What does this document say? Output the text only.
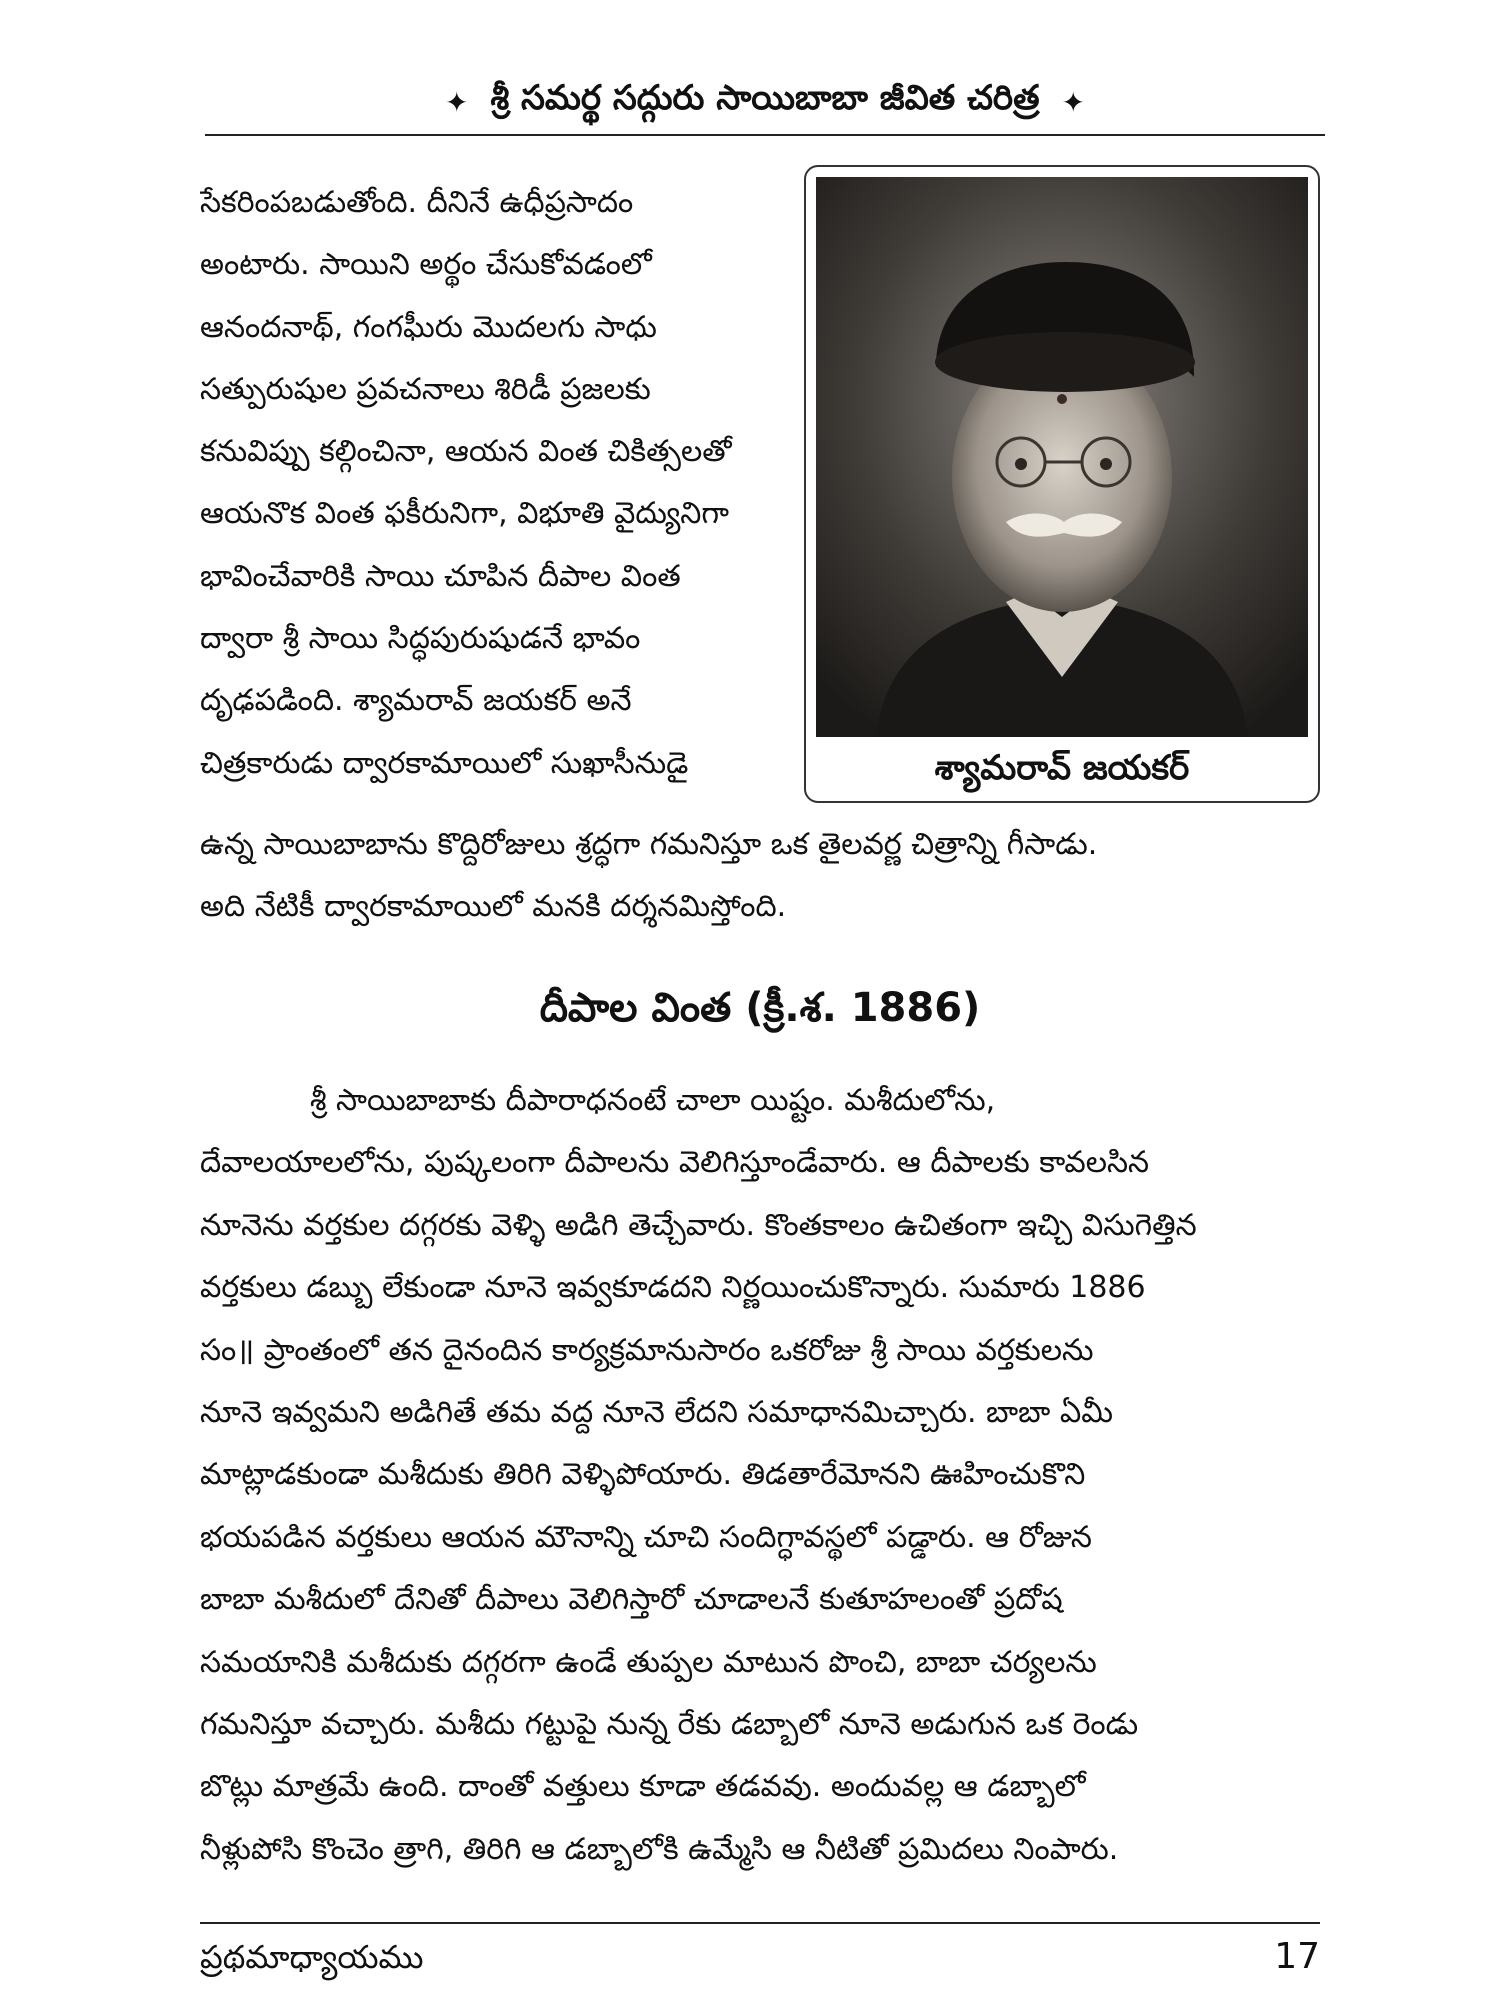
✦ శ్రీ సమర్థ సద్గురు సాయిబాబా జీవిత చరిత్ర ✦
సేకరింపబడుతోంది. దీనినే ఉధీప్రసాదం
అంటారు. సాయిని అర్థం చేసుకోవడంలో
ఆనందనాథ్, గంగఘీరు మొదలగు సాధు
సత్పురుషుల ప్రవచనాలు శిరిడీ ప్రజలకు
కనువిప్పు కల్గించినా, ఆయన వింత చికిత్సలతో
ఆయనొక వింత ఫకీరునిగా, విభూతి వైద్యునిగా
భావించేవారికి సాయి చూపిన దీపాల వింత
ద్వారా శ్రీ సాయి సిద్ధపురుషుడనే భావం
దృఢపడింది. శ్యామరావ్ జయకర్ అనే
చిత్రకారుడు ద్వారకామాయిలో సుఖాసీనుడై	శ్యామరావ్ జయకర్
ఉన్న సాయిబాబాను కొద్దిరోజులు శ్రద్ధగా గమనిస్తూ ఒక తైలవర్ణ చిత్రాన్ని గీసాడు.
అది నేటికీ ద్వారకామాయిలో మనకి దర్శనమిస్తోంది.
దీపాల వింత (క్రీ.శ. 1886)
శ్రీ సాయిబాబాకు దీపారాధనంటే చాలా యిష్టం. మశీదులోను,
దేవాలయాలలోను, పుష్కలంగా దీపాలను వెలిగిస్తూండేవారు. ఆ దీపాలకు కావలసిన
నూనెను వర్తకుల దగ్గరకు వెళ్ళి అడిగి తెచ్చేవారు. కొంతకాలం ఉచితంగా ఇచ్చి విసుగెత్తిన
వర్తకులు డబ్బు లేకుండా నూనె ఇవ్వకూడదని నిర్ణయించుకొన్నారు. సుమారు 1886
సం॥ ప్రాంతంలో తన దైనందిన కార్యక్రమానుసారం ఒకరోజు శ్రీ సాయి వర్తకులను
నూనె ఇవ్వమని అడిగితే తమ వద్ద నూనె లేదని సమాధానమిచ్చారు. బాబా ఏమీ
మాట్లాడకుండా మశీదుకు తిరిగి వెళ్ళిపోయారు. తిడతారేమోనని ఊహించుకొని
భయపడిన వర్తకులు ఆయన మౌనాన్ని చూచి సందిగ్ధావస్థలో పడ్డారు. ఆ రోజున
బాబా మశీదులో దేనితో దీపాలు వెలిగిస్తారో చూడాలనే కుతూహలంతో ప్రదోష
సమయానికి మశీదుకు దగ్గరగా ఉండే తుప్పల మాటున పొంచి, బాబా చర్యలను
గమనిస్తూ వచ్చారు. మశీదు గట్టుపై నున్న రేకు డబ్బాలో నూనె అడుగున ఒక రెండు
బొట్లు మాత్రమే ఉంది. దాంతో వత్తులు కూడా తడవవు. అందువల్ల ఆ డబ్బాలో
నీళ్లుపోసి కొంచెం త్రాగి, తిరిగి ఆ డబ్బాలోకి ఉమ్మేసి ఆ నీటితో ప్రమిదలు నింపారు.
ప్రథమాధ్యాయము	17
